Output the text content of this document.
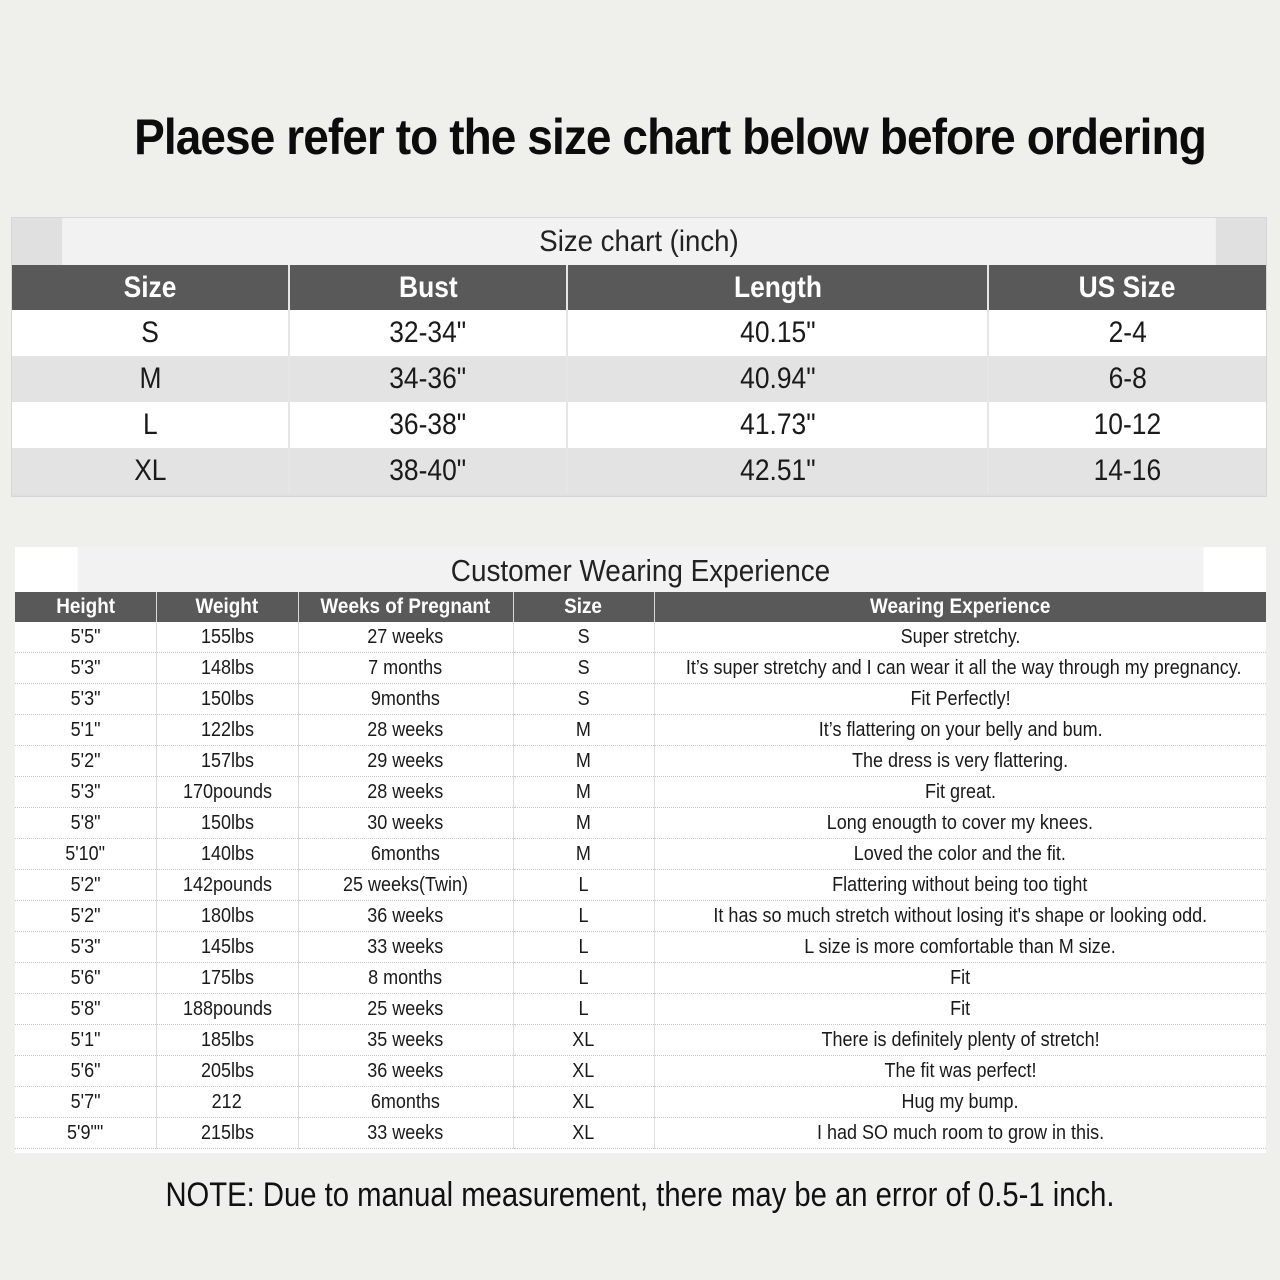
Plaese refer to the size chart below before ordering
Size chart (inch)
Size	Bust	Length	US Size
S	32-34"	40.15"	2-4
M	34-36"	40.94"	6-8
L	36-38"	41.73"	10-12
XL	38-40"	42.51"	14-16
Customer Wearing Experience
Height	Weight	Weeks of Pregnant	Size	Wearing Experience
5'5"	155lbs	27 weeks	S	Super stretchy.
5'3"	148lbs	7 months	S	It’s super stretchy and I can wear it all the way through my pregnancy.
5'3"	150lbs	9months	S	Fit Perfectly!
5'1"	122lbs	28 weeks	M	It’s flattering on your belly and bum.
5'2"	157lbs	29 weeks	M	The dress is very flattering.
5'3"	170pounds	28 weeks	M	Fit great.
5'8"	150lbs	30 weeks	M	Long enougth to cover my knees.
5'10"	140lbs	6months	M	Loved the color and the fit.
5'2"	142pounds	25 weeks(Twin)	L	Flattering without being too tight
5'2"	180lbs	36 weeks	L	It has so much stretch without losing it's shape or looking odd.
5'3"	145lbs	33 weeks	L	L size is more comfortable than M size.
5'6"	175lbs	8 months	L	Fit
5'8"	188pounds	25 weeks	L	Fit
5'1"	185lbs	35 weeks	XL	There is definitely plenty of stretch!
5'6"	205lbs	36 weeks	XL	The fit was perfect!
5'7"	212	6months	XL	Hug my bump.
5'9""	215lbs	33 weeks	XL	I had SO much room to grow in this.
NOTE: Due to manual measurement, there may be an error of 0.5-1 inch.
